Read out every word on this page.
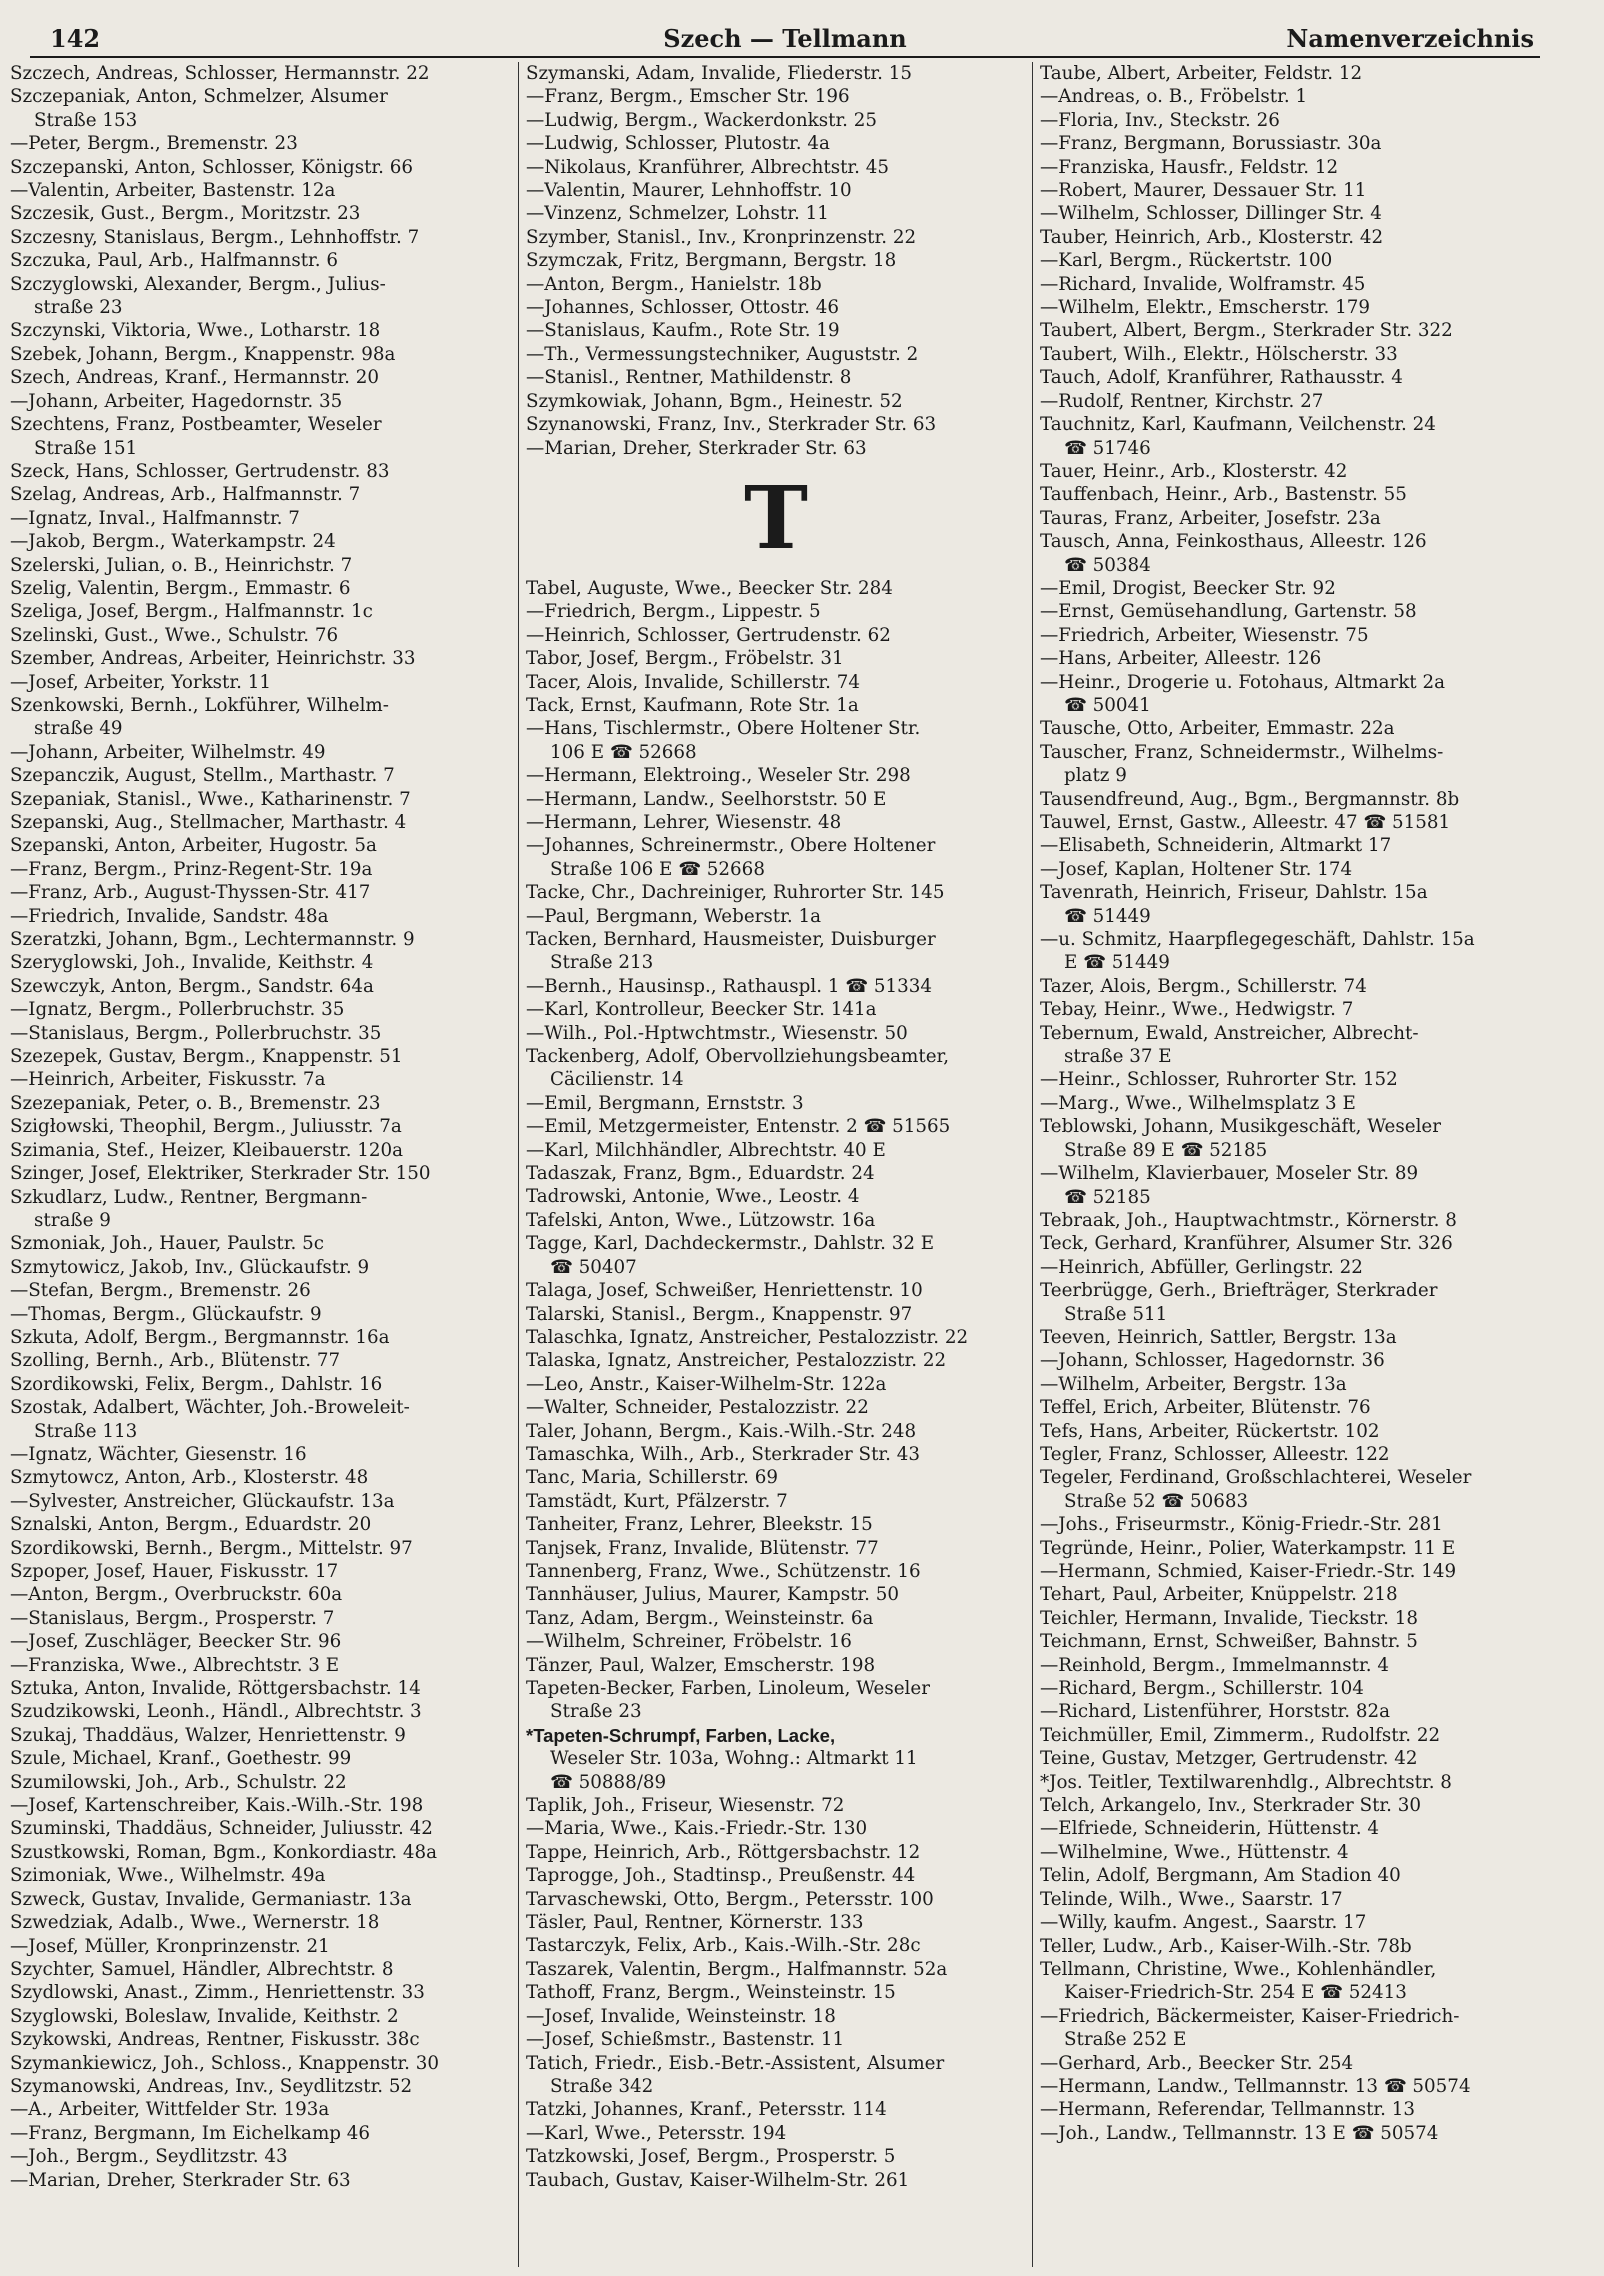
142	Szech — Tellmann	Namenverzeichnis

Szczech, Andreas, Schlosser, Hermannstr. 22

Szczepaniak, Anton, Schmelzer, Alsumer

Straße 153

—Peter, Bergm., Bremenstr. 23

Szczepanski, Anton, Schlosser, Königstr. 66

—Valentin, Arbeiter, Bastenstr. 12a

Szczesik, Gust., Bergm., Moritzstr. 23

Szczesny, Stanislaus, Bergm., Lehnhoffstr. 7

Szczuka, Paul, Arb., Halfmannstr. 6

Szczyglowski, Alexander, Bergm., Julius-

straße 23

Szczynski, Viktoria, Wwe., Lotharstr. 18

Szebek, Johann, Bergm., Knappenstr. 98a

Szech, Andreas, Kranf., Hermannstr. 20

—Johann, Arbeiter, Hagedornstr. 35

Szechtens, Franz, Postbeamter, Weseler

Straße 151

Szeck, Hans, Schlosser, Gertrudenstr. 83

Szelag, Andreas, Arb., Halfmannstr. 7

—Ignatz, Inval., Halfmannstr. 7

—Jakob, Bergm., Waterkampstr. 24

Szelerski, Julian, o. B., Heinrichstr. 7

Szelig, Valentin, Bergm., Emmastr. 6

Szeliga, Josef, Bergm., Halfmannstr. 1c

Szelinski, Gust., Wwe., Schulstr. 76

Szember, Andreas, Arbeiter, Heinrichstr. 33

—Josef, Arbeiter, Yorkstr. 11

Szenkowski, Bernh., Lokführer, Wilhelm-

straße 49

—Johann, Arbeiter, Wilhelmstr. 49

Szepanczik, August, Stellm., Marthastr. 7

Szepaniak, Stanisl., Wwe., Katharinenstr. 7

Szepanski, Aug., Stellmacher, Marthastr. 4

Szepanski, Anton, Arbeiter, Hugostr. 5a

—Franz, Bergm., Prinz-Regent-Str. 19a

—Franz, Arb., August-Thyssen-Str. 417

—Friedrich, Invalide, Sandstr. 48a

Szeratzki, Johann, Bgm., Lechtermannstr. 9

Szeryglowski, Joh., Invalide, Keithstr. 4

Szewczyk, Anton, Bergm., Sandstr. 64a

—Ignatz, Bergm., Pollerbruchstr. 35

—Stanislaus, Bergm., Pollerbruchstr. 35

Szezepek, Gustav, Bergm., Knappenstr. 51

—Heinrich, Arbeiter, Fiskusstr. 7a

Szezepaniak, Peter, o. B., Bremenstr. 23

Szigłowski, Theophil, Bergm., Juliusstr. 7a

Szimania, Stef., Heizer, Kleibauerstr. 120a

Szinger, Josef, Elektriker, Sterkrader Str. 150

Szkudlarz, Ludw., Rentner, Bergmann-

straße 9

Szmoniak, Joh., Hauer, Paulstr. 5c

Szmytowicz, Jakob, Inv., Glückaufstr. 9

—Stefan, Bergm., Bremenstr. 26

—Thomas, Bergm., Glückaufstr. 9

Szkuta, Adolf, Bergm., Bergmannstr. 16a

Szolling, Bernh., Arb., Blütenstr. 77

Szordikowski, Felix, Bergm., Dahlstr. 16

Szostak, Adalbert, Wächter, Joh.-Broweleit-

Straße 113

—Ignatz, Wächter, Giesenstr. 16

Szmytowcz, Anton, Arb., Klosterstr. 48

—Sylvester, Anstreicher, Glückaufstr. 13a

Sznalski, Anton, Bergm., Eduardstr. 20

Szordikowski, Bernh., Bergm., Mittelstr. 97

Szpoper, Josef, Hauer, Fiskusstr. 17

—Anton, Bergm., Overbruckstr. 60a

—Stanislaus, Bergm., Prosperstr. 7

—Josef, Zuschläger, Beecker Str. 96

—Franziska, Wwe., Albrechtstr. 3 E

Sztuka, Anton, Invalide, Röttgersbachstr. 14

Szudzikowski, Leonh., Händl., Albrechtstr. 3

Szukaj, Thaddäus, Walzer, Henriettenstr. 9

Szule, Michael, Kranf., Goethestr. 99

Szumilowski, Joh., Arb., Schulstr. 22

—Josef, Kartenschreiber, Kais.-Wilh.-Str. 198

Szuminski, Thaddäus, Schneider, Juliusstr. 42

Szustkowski, Roman, Bgm., Konkordiastr. 48a

Szimoniak, Wwe., Wilhelmstr. 49a

Szweck, Gustav, Invalide, Germaniastr. 13a

Szwedziak, Adalb., Wwe., Wernerstr. 18

—Josef, Müller, Kronprinzenstr. 21

Szychter, Samuel, Händler, Albrechtstr. 8

Szydlowski, Anast., Zimm., Henriettenstr. 33

Szyglowski, Boleslaw, Invalide, Keithstr. 2

Szykowski, Andreas, Rentner, Fiskusstr. 38c

Szymankiewicz, Joh., Schloss., Knappenstr. 30

Szymanowski, Andreas, Inv., Seydlitzstr. 52

—A., Arbeiter, Wittfelder Str. 193a

—Franz, Bergmann, Im Eichelkamp 46

—Joh., Bergm., Seydlitzstr. 43

—Marian, Dreher, Sterkrader Str. 63

Szymanski, Adam, Invalide, Fliederstr. 15

—Franz, Bergm., Emscher Str. 196

—Ludwig, Bergm., Wackerdonkstr. 25

—Ludwig, Schlosser, Plutostr. 4a

—Nikolaus, Kranführer, Albrechtstr. 45

—Valentin, Maurer, Lehnhoffstr. 10

—Vinzenz, Schmelzer, Lohstr. 11

Szymber, Stanisl., Inv., Kronprinzenstr. 22

Szymczak, Fritz, Bergmann, Bergstr. 18

—Anton, Bergm., Hanielstr. 18b

—Johannes, Schlosser, Ottostr. 46

—Stanislaus, Kaufm., Rote Str. 19

—Th., Vermessungstechniker, Auguststr. 2

—Stanisl., Rentner, Mathildenstr. 8

Szymkowiak, Johann, Bgm., Heinestr. 52

Szynanowski, Franz, Inv., Sterkrader Str. 63

—Marian, Dreher, Sterkrader Str. 63

T

Tabel, Auguste, Wwe., Beecker Str. 284

—Friedrich, Bergm., Lippestr. 5

—Heinrich, Schlosser, Gertrudenstr. 62

Tabor, Josef, Bergm., Fröbelstr. 31

Tacer, Alois, Invalide, Schillerstr. 74

Tack, Ernst, Kaufmann, Rote Str. 1a

—Hans, Tischlermstr., Obere Holtener Str.

106 E ☎ 52668

—Hermann, Elektroing., Weseler Str. 298

—Hermann, Landw., Seelhorststr. 50 E

—Hermann, Lehrer, Wiesenstr. 48

—Johannes, Schreinermstr., Obere Holtener

Straße 106 E ☎ 52668

Tacke, Chr., Dachreiniger, Ruhrorter Str. 145

—Paul, Bergmann, Weberstr. 1a

Tacken, Bernhard, Hausmeister, Duisburger

Straße 213

—Bernh., Hausinsp., Rathauspl. 1 ☎ 51334

—Karl, Kontrolleur, Beecker Str. 141a

—Wilh., Pol.-Hptwchtmstr., Wiesenstr. 50

Tackenberg, Adolf, Obervollziehungsbeamter,

Cäcilienstr. 14

—Emil, Bergmann, Ernststr. 3

—Emil, Metzgermeister, Entenstr. 2 ☎ 51565

—Karl, Milchhändler, Albrechtstr. 40 E

Tadaszak, Franz, Bgm., Eduardstr. 24

Tadrowski, Antonie, Wwe., Leostr. 4

Tafelski, Anton, Wwe., Lützowstr. 16a

Tagge, Karl, Dachdeckermstr., Dahlstr. 32 E

☎ 50407

Talaga, Josef, Schweißer, Henriettenstr. 10

Talarski, Stanisl., Bergm., Knappenstr. 97

Talaschka, Ignatz, Anstreicher, Pestalozzistr. 22

Talaska, Ignatz, Anstreicher, Pestalozzistr. 22

—Leo, Anstr., Kaiser-Wilhelm-Str. 122a

—Walter, Schneider, Pestalozzistr. 22

Taler, Johann, Bergm., Kais.-Wilh.-Str. 248

Tamaschka, Wilh., Arb., Sterkrader Str. 43

Tanc, Maria, Schillerstr. 69

Tamstädt, Kurt, Pfälzerstr. 7

Tanheiter, Franz, Lehrer, Bleekstr. 15

Tanjsek, Franz, Invalide, Blütenstr. 77

Tannenberg, Franz, Wwe., Schützenstr. 16

Tannhäuser, Julius, Maurer, Kampstr. 50

Tanz, Adam, Bergm., Weinsteinstr. 6a

—Wilhelm, Schreiner, Fröbelstr. 16

Tänzer, Paul, Walzer, Emscherstr. 198

Tapeten-Becker, Farben, Linoleum, Weseler

Straße 23

*Tapeten-Schrumpf, Farben, Lacke,

Weseler Str. 103a, Wohng.: Altmarkt 11

☎ 50888/89

Taplik, Joh., Friseur, Wiesenstr. 72

—Maria, Wwe., Kais.-Friedr.-Str. 130

Tappe, Heinrich, Arb., Röttgersbachstr. 12

Taprogge, Joh., Stadtinsp., Preußenstr. 44

Tarvaschewski, Otto, Bergm., Petersstr. 100

Täsler, Paul, Rentner, Körnerstr. 133

Tastarczyk, Felix, Arb., Kais.-Wilh.-Str. 28c

Taszarek, Valentin, Bergm., Halfmannstr. 52a

Tathoff, Franz, Bergm., Weinsteinstr. 15

—Josef, Invalide, Weinsteinstr. 18

—Josef, Schießmstr., Bastenstr. 11

Tatich, Friedr., Eisb.-Betr.-Assistent, Alsumer

Straße 342

Tatzki, Johannes, Kranf., Petersstr. 114

—Karl, Wwe., Petersstr. 194

Tatzkowski, Josef, Bergm., Prosperstr. 5

Taubach, Gustav, Kaiser-Wilhelm-Str. 261

Taube, Albert, Arbeiter, Feldstr. 12

—Andreas, o. B., Fröbelstr. 1

—Floria, Inv., Steckstr. 26

—Franz, Bergmann, Borussiastr. 30a

—Franziska, Hausfr., Feldstr. 12

—Robert, Maurer, Dessauer Str. 11

—Wilhelm, Schlosser, Dillinger Str. 4

Tauber, Heinrich, Arb., Klosterstr. 42

—Karl, Bergm., Rückertstr. 100

—Richard, Invalide, Wolframstr. 45

—Wilhelm, Elektr., Emscherstr. 179

Taubert, Albert, Bergm., Sterkrader Str. 322

Taubert, Wilh., Elektr., Hölscherstr. 33

Tauch, Adolf, Kranführer, Rathausstr. 4

—Rudolf, Rentner, Kirchstr. 27

Tauchnitz, Karl, Kaufmann, Veilchenstr. 24

☎ 51746

Tauer, Heinr., Arb., Klosterstr. 42

Tauffenbach, Heinr., Arb., Bastenstr. 55

Tauras, Franz, Arbeiter, Josefstr. 23a

Tausch, Anna, Feinkosthaus, Alleestr. 126

☎ 50384

—Emil, Drogist, Beecker Str. 92

—Ernst, Gemüsehandlung, Gartenstr. 58

—Friedrich, Arbeiter, Wiesenstr. 75

—Hans, Arbeiter, Alleestr. 126

—Heinr., Drogerie u. Fotohaus, Altmarkt 2a

☎ 50041

Tausche, Otto, Arbeiter, Emmastr. 22a

Tauscher, Franz, Schneidermstr., Wilhelms-

platz 9

Tausendfreund, Aug., Bgm., Bergmannstr. 8b

Tauwel, Ernst, Gastw., Alleestr. 47 ☎ 51581

—Elisabeth, Schneiderin, Altmarkt 17

—Josef, Kaplan, Holtener Str. 174

Tavenrath, Heinrich, Friseur, Dahlstr. 15a

☎ 51449

—u. Schmitz, Haarpflegegeschäft, Dahlstr. 15a

E ☎ 51449

Tazer, Alois, Bergm., Schillerstr. 74

Tebay, Heinr., Wwe., Hedwigstr. 7

Tebernum, Ewald, Anstreicher, Albrecht-

straße 37 E

—Heinr., Schlosser, Ruhrorter Str. 152

—Marg., Wwe., Wilhelmsplatz 3 E

Teblowski, Johann, Musikgeschäft, Weseler

Straße 89 E ☎ 52185

—Wilhelm, Klavierbauer, Moseler Str. 89

☎ 52185

Tebraak, Joh., Hauptwachtmstr., Körnerstr. 8

Teck, Gerhard, Kranführer, Alsumer Str. 326

—Heinrich, Abfüller, Gerlingstr. 22

Teerbrügge, Gerh., Briefträger, Sterkrader

Straße 511

Teeven, Heinrich, Sattler, Bergstr. 13a

—Johann, Schlosser, Hagedornstr. 36

—Wilhelm, Arbeiter, Bergstr. 13a

Teffel, Erich, Arbeiter, Blütenstr. 76

Tefs, Hans, Arbeiter, Rückertstr. 102

Tegler, Franz, Schlosser, Alleestr. 122

Tegeler, Ferdinand, Großschlachterei, Weseler

Straße 52 ☎ 50683

—Johs., Friseurmstr., König-Friedr.-Str. 281

Tegründe, Heinr., Polier, Waterkampstr. 11 E

—Hermann, Schmied, Kaiser-Friedr.-Str. 149

Tehart, Paul, Arbeiter, Knüppelstr. 218

Teichler, Hermann, Invalide, Tieckstr. 18

Teichmann, Ernst, Schweißer, Bahnstr. 5

—Reinhold, Bergm., Immelmannstr. 4

—Richard, Bergm., Schillerstr. 104

—Richard, Listenführer, Horststr. 82a

Teichmüller, Emil, Zimmerm., Rudolfstr. 22

Teine, Gustav, Metzger, Gertrudenstr. 42

*Jos. Teitler, Textilwarenhdlg., Albrechtstr. 8

Telch, Arkangelo, Inv., Sterkrader Str. 30

—Elfriede, Schneiderin, Hüttenstr. 4

—Wilhelmine, Wwe., Hüttenstr. 4

Telin, Adolf, Bergmann, Am Stadion 40

Telinde, Wilh., Wwe., Saarstr. 17

—Willy, kaufm. Angest., Saarstr. 17

Teller, Ludw., Arb., Kaiser-Wilh.-Str. 78b

Tellmann, Christine, Wwe., Kohlenhändler,

Kaiser-Friedrich-Str. 254 E ☎ 52413

—Friedrich, Bäckermeister, Kaiser-Friedrich-

Straße 252 E

—Gerhard, Arb., Beecker Str. 254

—Hermann, Landw., Tellmannstr. 13 ☎ 50574

—Hermann, Referendar, Tellmannstr. 13

—Joh., Landw., Tellmannstr. 13 E ☎ 50574
